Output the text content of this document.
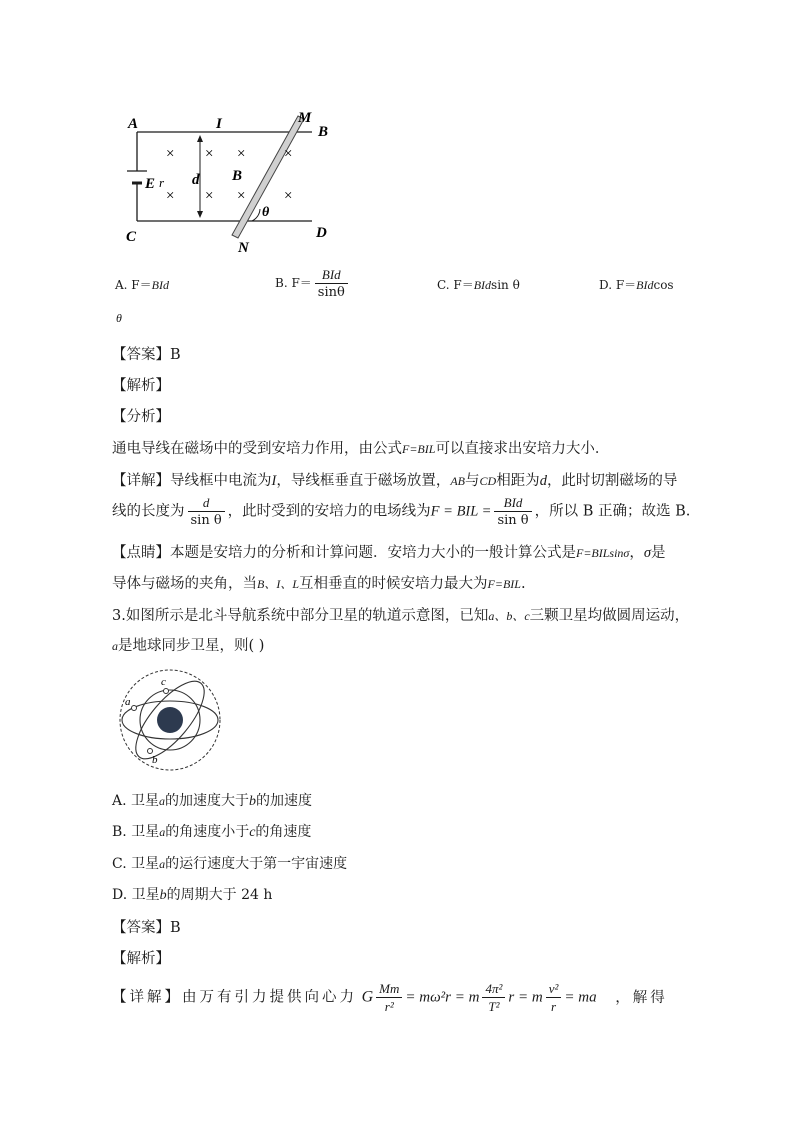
A	I	M
B
E r d B
θ
C
N
D
× × ×	×
× × ×	×
A. F＝BId	B. $F= \frac{\text{BId}}{\sin\theta}$	C. F＝BIdsin θ	D. F＝BIdcos
θ
【答案】B
【解析】
【分析】
通电导线在磁场中的受到安培力作用，由公式F=BIL可以直接求出安培力大小．
【详解】导线框中电流为I，导线框垂直于磁场放置，AB与CD相距为d，此时切割磁场的导
线的长度为 $\frac{d}{\text{sin θ}}$ ，此时受到的安培力的电场线为F = BIL = $\frac{\text{BId}}{\text{sin θ}}$ ，所以 B 正确；故选 B.
【点睛】本题是安培力的分析和计算问题．安培力大小的一般计算公式是F=BILsinσ，σ是
导体与磁场的夹角，当B、I、L互相垂直的时候安培力最大为F=BIL.
3.如图所示是北斗导航系统中部分卫星的轨道示意图，已知a、b、c三颗卫星均做圆周运动，
a是地球同步卫星，则( )
c
a
b
A. 卫星a的加速度大于b的加速度
B. 卫星a的角速度小于c的角速度
C. 卫星a的运行速度大于第一宇宙速度
D. 卫星b的周期大于 24 h
【答案】B
【解析】
【详解】由万有引力提供向心力 G $\frac{Mm}{\text{r²}} = m\omega^2r = m \frac{\text{4π²}}{\text{T²}}$ r = m $\frac{\text{v²}}{r}$ = ma ，解得
